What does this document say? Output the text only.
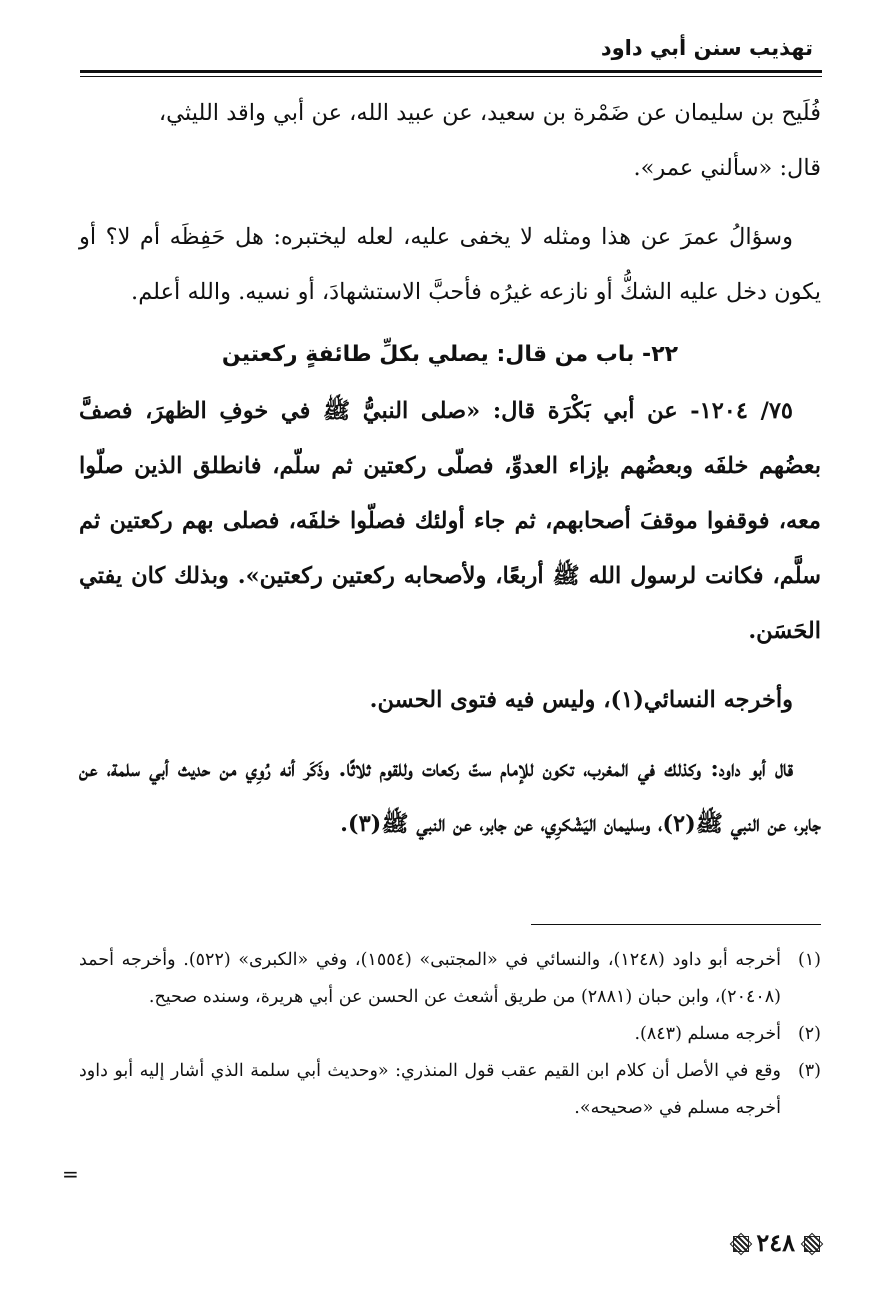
تهذيب سنن أبي داود

فُلَيح بن سليمان عن ضَمْرة بن سعيد، عن عبيد الله، عن أبي واقد الليثي،

قال: «سألني عمر».

وسؤالُ عمرَ عن هذا ومثله لا يخفى عليه، لعله ليختبره: هل حَفِظَه أم لا؟ أو يكون دخل عليه الشكُّ أو نازعه غيرُه فأحبَّ الاستشهادَ، أو نسيه. والله أعلم.

٢٢- باب من قال: يصلي بكلِّ طائفةٍ ركعتين

٧٥/ ١٢٠٤- عن أبي بَكْرَة قال: «صلى النبيُّ ﷺ في خوفِ الظهرَ، فصفَّ بعضُهم خلفَه وبعضُهم بإزاء العدوِّ، فصلّى ركعتين ثم سلّم، فانطلق الذين صلّوا معه، فوقفوا موقفَ أصحابهم، ثم جاء أولئك فصلّوا خلفَه، فصلى بهم ركعتين ثم سلَّم، فكانت لرسول الله ﷺ أربعًا، ولأصحابه ركعتين ركعتين». وبذلك كان يفتي الحَسَن.

وأخرجه النسائي(١)، وليس فيه فتوى الحسن.

قال أبو داود: وكذلك في المغرب، تكون للإمام ستّ ركعات وللقوم ثلاثًا. وذَكَر أنه رُوِي من حديث أبي سلمة، عن جابر، عن النبي ﷺ(٢)، وسليمان اليَشْكرِي، عن جابر، عن النبي ﷺ(٣).

(١)
أخرجه أبو داود (١٢٤٨)، والنسائي في «المجتبى» (١٥٥٤)، وفي «الكبرى» (٥٢٢). وأخرجه أحمد (٢٠٤٠٨)، وابن حبان (٢٨٨١) من طريق أشعث عن الحسن عن أبي هريرة، وسنده صحيح.
(٢)
أخرجه مسلم (٨٤٣).
(٣)
وقع في الأصل أن كلام ابن القيم عقب قول المنذري: «وحديث أبي سلمة الذي أشار إليه أبو داود أخرجه مسلم في «صحيحه».
=
٢٤٨
